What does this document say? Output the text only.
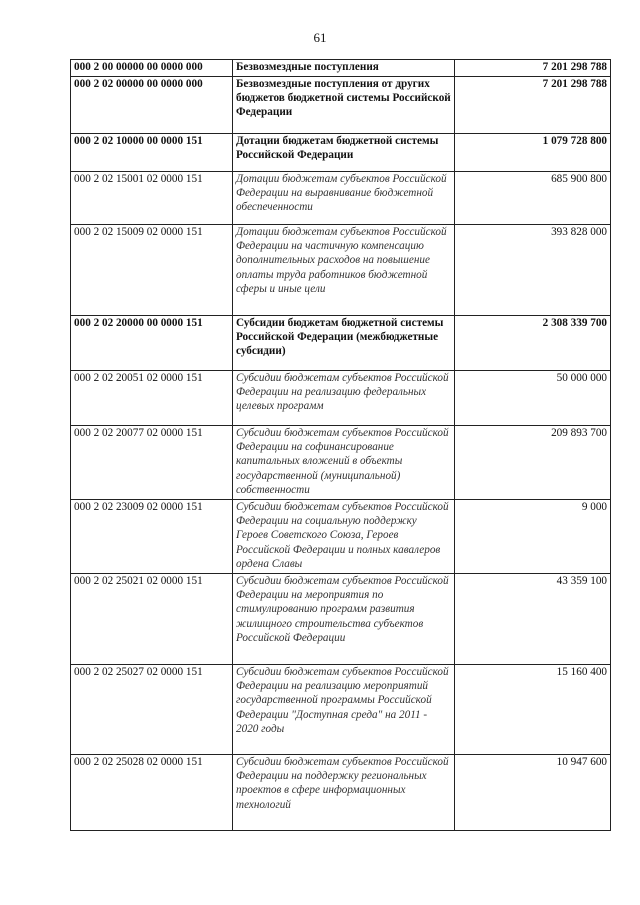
61
000 2 00 00000 00 0000 000	Безвозмездные поступления	7 201 298 788
000 2 02 00000 00 0000 000	Безвозмездные поступления от других бюджетов бюджетной системы Российской Федерации	7 201 298 788
000 2 02 10000 00 0000 151	Дотации бюджетам бюджетной системы Российской Федерации	1 079 728 800
000 2 02 15001 02 0000 151	Дотации бюджетам субъектов Российской Федерации на выравнивание бюджетной обеспеченности	685 900 800
000 2 02 15009 02 0000 151	Дотации бюджетам субъектов Российской Федерации на частичную компенсацию дополнительных расходов на повышение оплаты труда работников бюджетной сферы и иные цели	393 828 000
000 2 02 20000 00 0000 151	Субсидии бюджетам бюджетной системы Российской Федерации (межбюджетные субсидии)	2 308 339 700
000 2 02 20051 02 0000 151	Субсидии бюджетам субъектов Российской Федерации на реализацию федеральных целевых программ	50 000 000
000 2 02 20077 02 0000 151	Субсидии бюджетам субъектов Российской Федерации на софинансирование капитальных вложений в объекты государственной (муниципальной) собственности	209 893 700
000 2 02 23009 02 0000 151	Субсидии бюджетам субъектов Российской Федерации на социальную поддержку Героев Советского Союза, Героев Российской Федерации и полных кавалеров ордена Славы	9 000
000 2 02 25021 02 0000 151	Субсидии бюджетам субъектов Российской Федерации на мероприятия по стимулированию программ развития жилищного строительства субъектов Российской Федерации	43 359 100
000 2 02 25027 02 0000 151	Субсидии бюджетам субъектов Российской Федерации на реализацию мероприятий государственной программы Российской Федерации "Доступная среда" на 2011 - 2020 годы	15 160 400
000 2 02 25028 02 0000 151	Субсидии бюджетам субъектов Российской Федерации на поддержку региональных проектов в сфере информационных технологий	10 947 600
